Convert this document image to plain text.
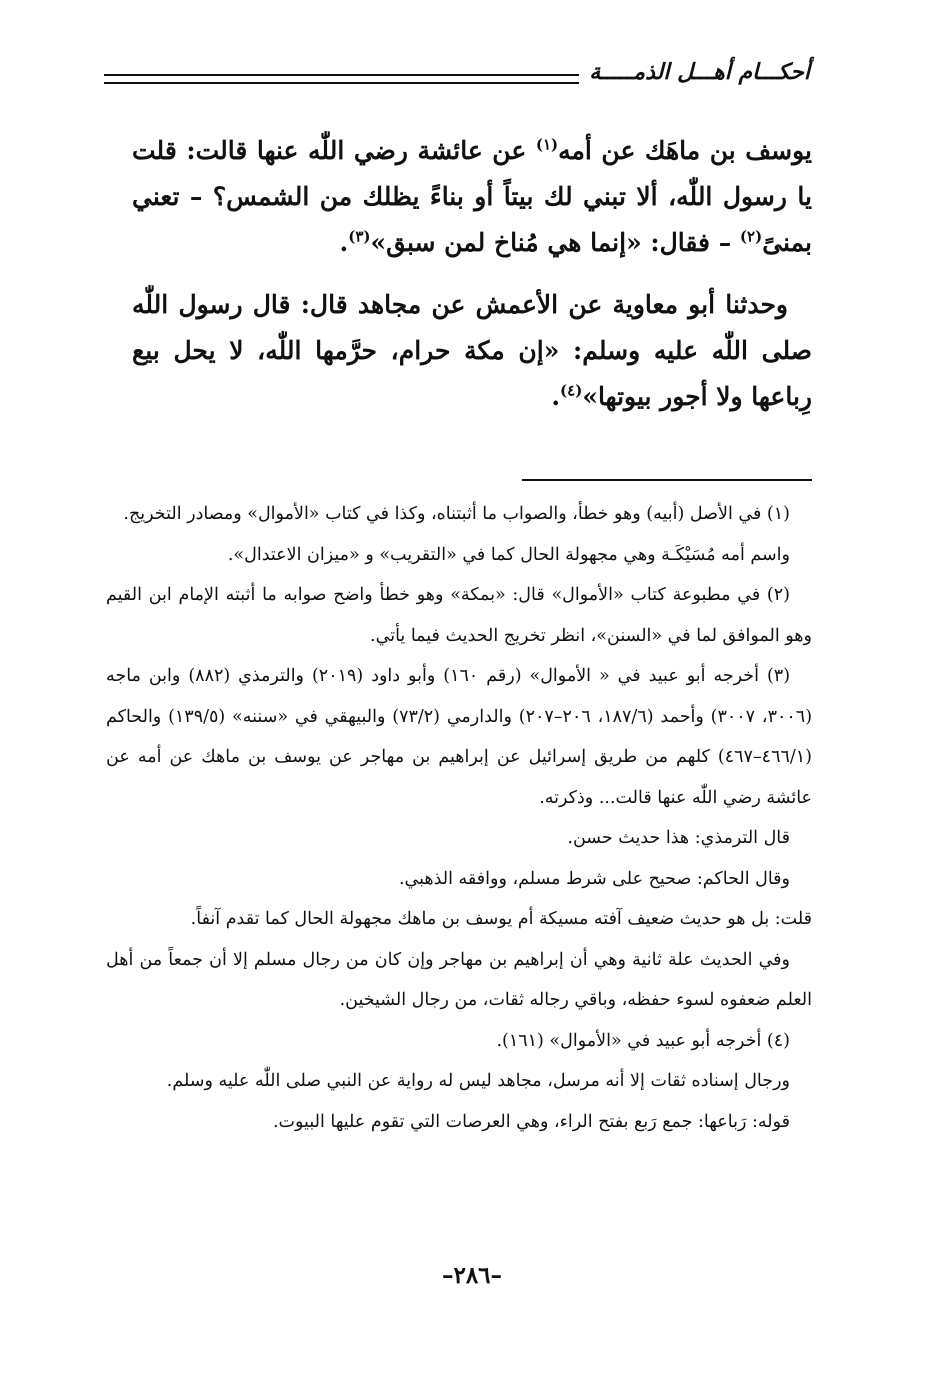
أحكـــام أهـــل الذمـــــة

يوسف بن ماهَك عن أمه$^{(١)}$ عن عائشة رضي اللّٰه عنها قالت: قلت يا رسول اللّٰه، ألا تبني لك بيتاً أو بناءً يظلك من الشمس؟ – تعني بمنىً$^{(٢)}$ – فقال: «إنما هي مُناخ لمن سبق»$^{(٣)}$.

وحدثنا أبو معاوية عن الأعمش عن مجاهد قال: قال رسول اللّٰه صلى اللّٰه عليه وسلم: «إن مكة حرام، حرَّمها اللّٰه، لا يحل بيع رِباعها ولا أجور بيوتها»$^{(٤)}$.

(١) في الأصل (أبيه) وهو خطأ، والصواب ما أثبتناه، وكذا في كتاب «الأموال» ومصادر التخريج.

واسم أمه مُسَيْكَـة وهي مجهولة الحال كما في «التقريب» و «ميزان الاعتدال».

(٢) في مطبوعة كتاب «الأموال» قال: «بمكة» وهو خطأ واضح صوابه ما أثبته الإمام ابن القيم وهو الموافق لما في «السنن»، انظر تخريج الحديث فيما يأتي.

(٣) أخرجه أبو عبيد في « الأموال» (رقم ١٦٠) وأبو داود (٢٠١٩) والترمذي (٨٨٢) وابن ماجه (٣٠٠٦، ٣٠٠٧) وأحمد (١٨٧/٦، ٢٠٦–٢٠٧) والدارمي (٧٣/٢) والبيهقي في «سننه» (١٣٩/٥) والحاكم (٤٦٦/١–٤٦٧) كلهم من طريق إسرائيل عن إبراهيم بن مهاجر عن يوسف بن ماهك عن أمه عن عائشة رضي اللّٰه عنها قالت... وذكرته.

قال الترمذي: هذا حديث حسن.

وقال الحاكم: صحيح على شرط مسلم، ووافقه الذهبي.

قلت: بل هو حديث ضعيف آفته مسيكة أم يوسف بن ماهك مجهولة الحال كما تقدم آنفاً.

وفي الحديث علة ثانية وهي أن إبراهيم بن مهاجر وإن كان من رجال مسلم إلا أن جمعاً من أهل العلم ضعفوه لسوء حفظه، وباقي رجاله ثقات، من رجال الشيخين.

(٤) أخرجه أبو عبيد في «الأموال» (١٦١).

ورجال إسناده ثقات إلا أنه مرسل، مجاهد ليس له رواية عن النبي صلى اللّٰه عليه وسلم.

قوله: رَباعها: جمع رَبع بفتح الراء، وهي العرصات التي تقوم عليها البيوت.

–٢٨٦–
